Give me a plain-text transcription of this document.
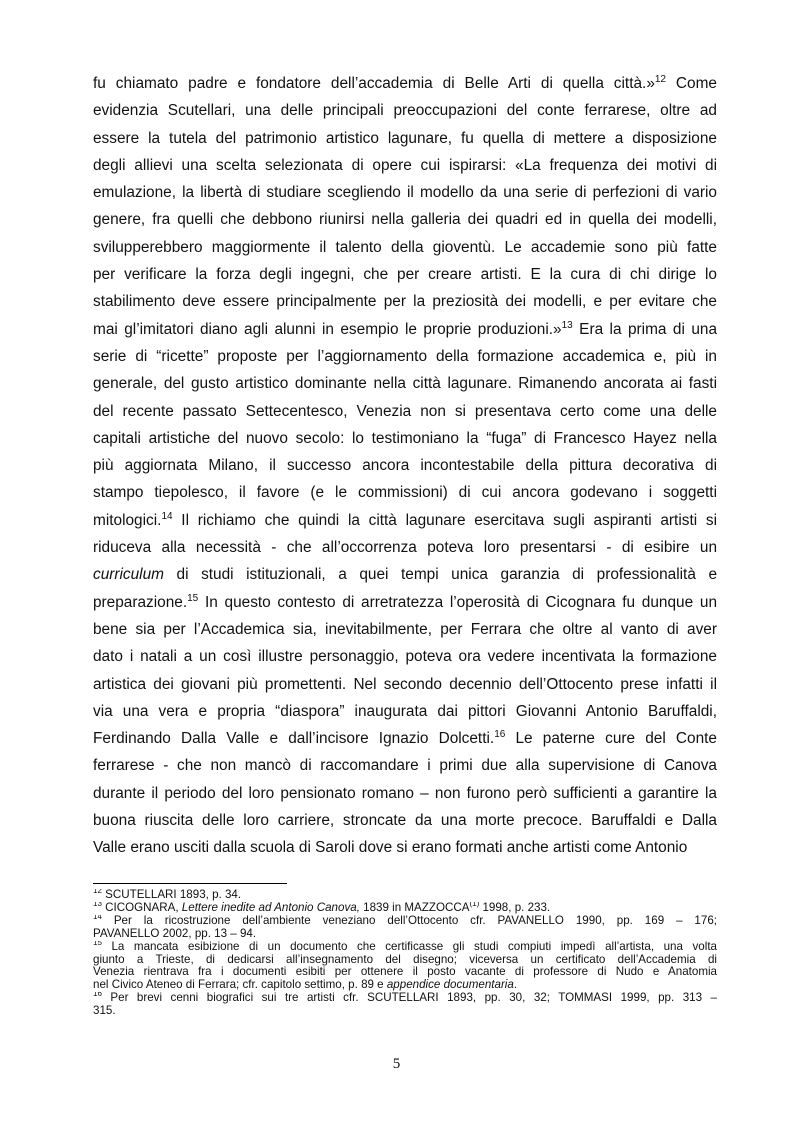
fu chiamato padre e fondatore dell’accademia di Belle Arti di quella città.»$^{12}$ Come
evidenzia Scutellari, una delle principali preoccupazioni del conte ferrarese, oltre ad
essere la tutela del patrimonio artistico lagunare, fu quella di mettere a disposizione
degli allievi una scelta selezionata di opere cui ispirarsi: «La frequenza dei motivi di
emulazione, la libertà di studiare scegliendo il modello da una serie di perfezioni di vario
genere, fra quelli che debbono riunirsi nella galleria dei quadri ed in quella dei modelli,
svilupperebbero maggiormente il talento della gioventù. Le accademie sono più fatte
per verificare la forza degli ingegni, che per creare artisti. E la cura di chi dirige lo
stabilimento deve essere principalmente per la preziosità dei modelli, e per evitare che
mai gl’imitatori diano agli alunni in esempio le proprie produzioni.»$^{13}$ Era la prima di una
serie di “ricette” proposte per l’aggiornamento della formazione accademica e, più in
generale, del gusto artistico dominante nella città lagunare. Rimanendo ancorata ai fasti
del recente passato Settecentesco, Venezia non si presentava certo come una delle
capitali artistiche del nuovo secolo: lo testimoniano la “fuga” di Francesco Hayez nella
più aggiornata Milano, il successo ancora incontestabile della pittura decorativa di
stampo tiepolesco, il favore (e le commissioni) di cui ancora godevano i soggetti
mitologici.$^{14}$ Il richiamo che quindi la città lagunare esercitava sugli aspiranti artisti si
riduceva alla necessità - che all’occorrenza poteva loro presentarsi - di esibire un
curriculum di studi istituzionali, a quei tempi unica garanzia di professionalità e
preparazione.$^{15}$ In questo contesto di arretratezza l’operosità di Cicognara fu dunque un
bene sia per l’Accademica sia, inevitabilmente, per Ferrara che oltre al vanto di aver
dato i natali a un così illustre personaggio, poteva ora vedere incentivata la formazione
artistica dei giovani più promettenti. Nel secondo decennio dell’Ottocento prese infatti il
via una vera e propria “diaspora” inaugurata dai pittori Giovanni Antonio Baruffaldi,
Ferdinando Dalla Valle e dall’incisore Ignazio Dolcetti.$^{16}$ Le paterne cure del Conte
ferrarese - che non mancò di raccomandare i primi due alla supervisione di Canova
durante il periodo del loro pensionato romano – non furono però sufficienti a garantire la
buona riuscita delle loro carriere, stroncate da una morte precoce. Baruffaldi e Dalla
Valle erano usciti dalla scuola di Saroli dove si erano formati anche artisti come Antonio
$^{12}$ SCUTELLARI 1893, p. 34.
$^{13}$ CICOGNARA, Lettere inedite ad Antonio Canova, 1839 in MAZZOCCA$^{(1)}$ 1998, p. 233.
$^{14}$ Per la ricostruzione dell’ambiente veneziano dell’Ottocento cfr. PAVANELLO 1990, pp. 169 – 176;
PAVANELLO 2002, pp. 13 – 94.
$^{15}$ La mancata esibizione di un documento che certificasse gli studi compiuti impedì all’artista, una volta
giunto a Trieste, di dedicarsi all’insegnamento del disegno; viceversa un certificato dell’Accademia di
Venezia rientrava fra i documenti esibiti per ottenere il posto vacante di professore di Nudo e Anatomia
nel Civico Ateneo di Ferrara; cfr. capitolo settimo, p. 89 e appendice documentaria.
$^{16}$ Per brevi cenni biografici sui tre artisti cfr. SCUTELLARI 1893, pp. 30, 32; TOMMASI 1999, pp. 313 –
315.
5
